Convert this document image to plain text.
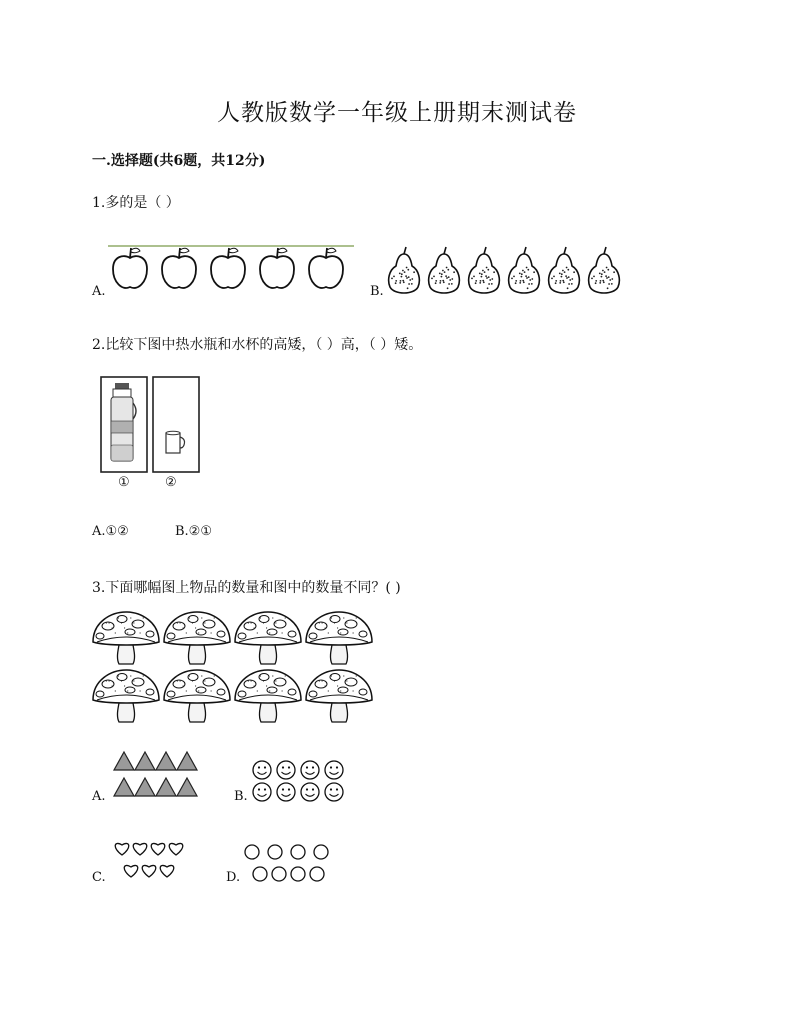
人教版数学一年级上册期末测试卷
一.选择题(共6题，共12分)
1.多的是（ ）
A.	B.
2.比较下图中热水瓶和水杯的高矮，（ ）高，（ ）矮。
①	②
A.①②	B.②①
3.下面哪幅图上物品的数量和图中的数量不同？( )
A.	B.
C.	D.
